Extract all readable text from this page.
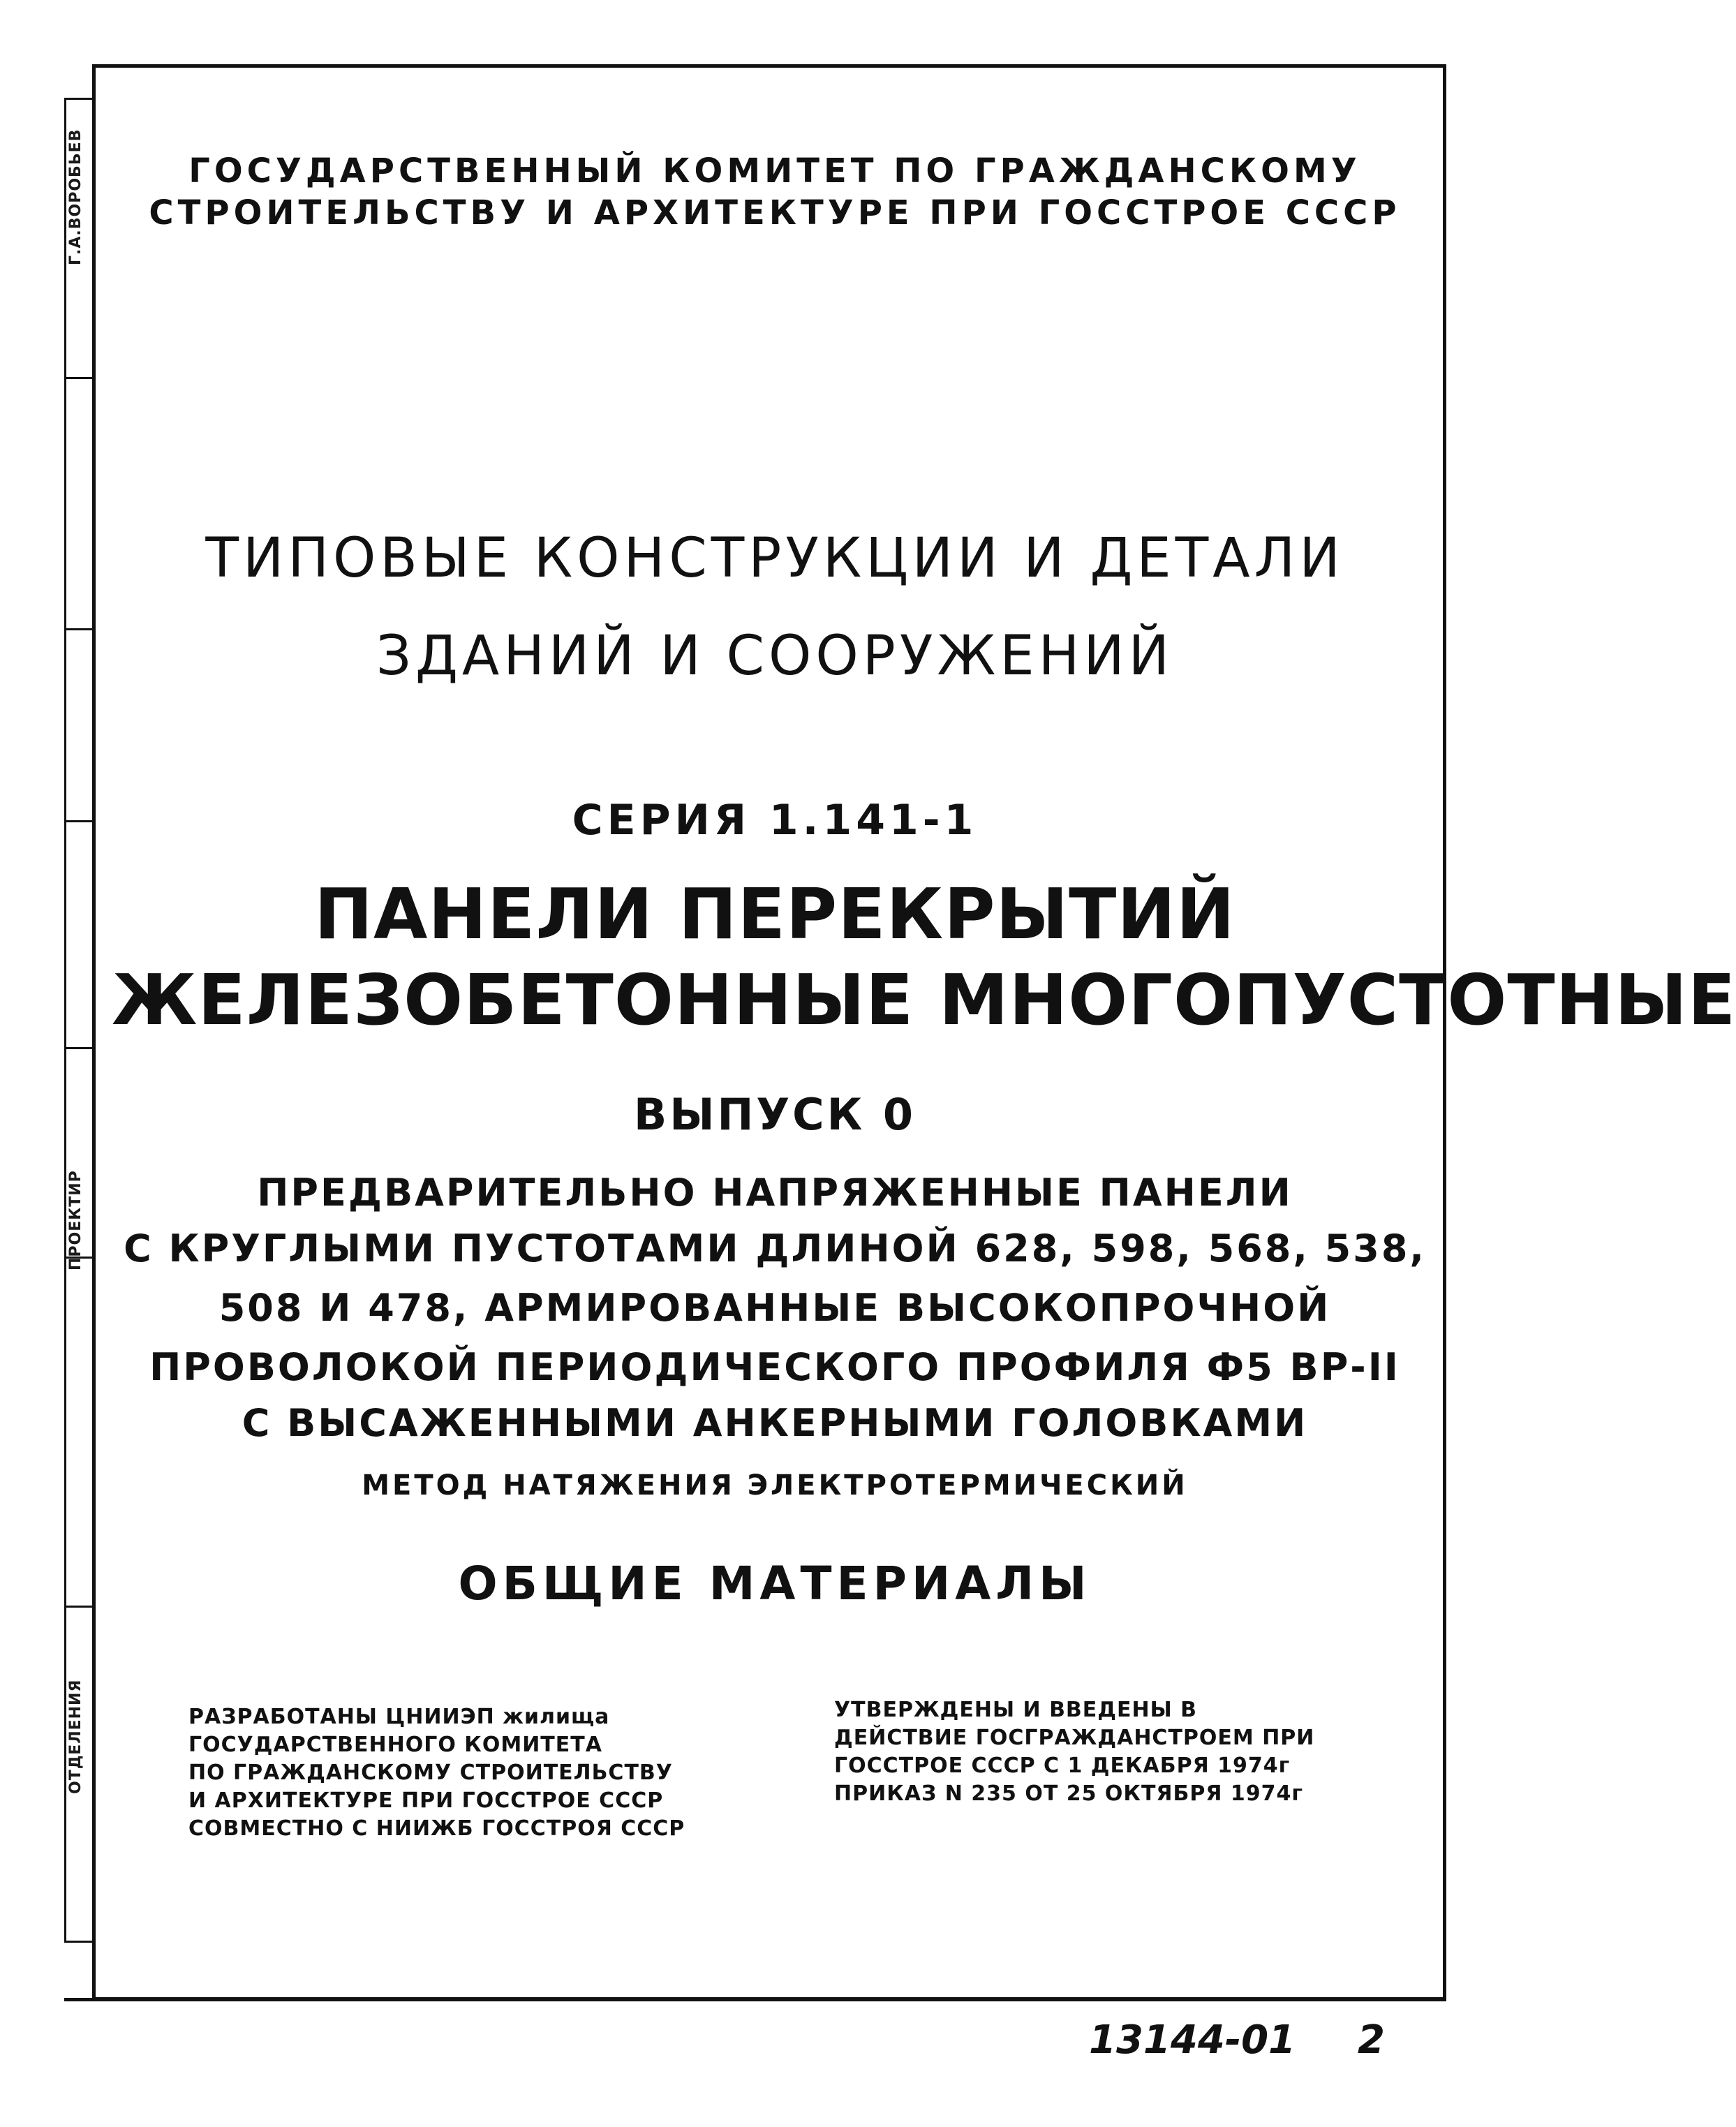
ОТДЕЛЕНИЯ
ПРОЕКТИР
Г.А.ВОРОБЬЕВ	ГОСУДАРСТВЕННЫЙ КОМИТЕТ ПО ГРАЖДАНСКОМУ
СТРОИТЕЛЬСТВУ И АРХИТЕКТУРЕ ПРИ ГОССТРОЕ СССР
ТИПОВЫЕ КОНСТРУКЦИИ И ДЕТАЛИ
ЗДАНИЙ И СООРУЖЕНИЙ
СЕРИЯ 1.141-1
ПАНЕЛИ ПЕРЕКРЫТИЙ
ЖЕЛЕЗОБЕТОННЫЕ МНОГОПУСТОТНЫЕ
ВЫПУСК 0
ПРЕДВАРИТЕЛЬНО НАПРЯЖЕННЫЕ ПАНЕЛИ
С КРУГЛЫМИ ПУСТОТАМИ ДЛИНОЙ 628, 598, 568, 538,
508 И 478, АРМИРОВАННЫЕ ВЫСОКОПРОЧНОЙ
ПРОВОЛОКОЙ ПЕРИОДИЧЕСКОГО ПРОФИЛЯ Ф5 ВР-II
С ВЫСАЖЕННЫМИ АНКЕРНЫМИ ГОЛОВКАМИ
МЕТОД НАТЯЖЕНИЯ ЭЛЕКТРОТЕРМИЧЕСКИЙ
ОБЩИЕ МАТЕРИАЛЫ
РАЗРАБОТАНЫ ЦНИИЭП жилища
ГОСУДАРСТВЕННОГО КОМИТЕТА
ПО ГРАЖДАНСКОМУ СТРОИТЕЛЬСТВУ
И АРХИТЕКТУРЕ ПРИ ГОССТРОЕ СССР
СОВМЕСТНО С НИИЖБ ГОССТРОЯ СССР
УТВЕРЖДЕНЫ И ВВЕДЕНЫ В
ДЕЙСТВИЕ ГОСГРАЖДАНСТРОЕМ ПРИ
ГОССТРОЕ СССР С 1 ДЕКАБРЯ 1974г
ПРИКАЗ N 235 ОТ 25 ОКТЯБРЯ 1974г
13144-01 2
